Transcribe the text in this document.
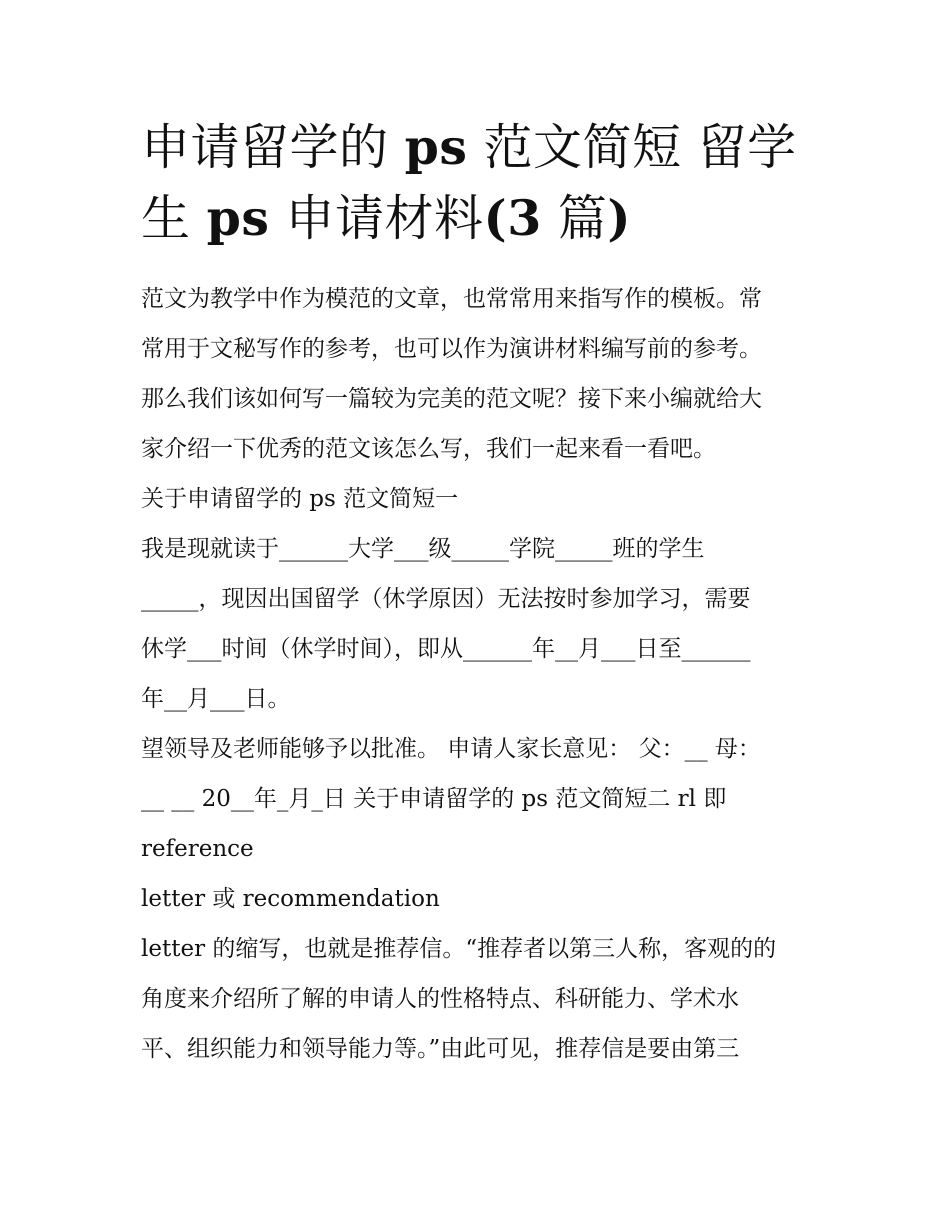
申请留学的 ps 范文简短 留学
生 ps 申请材料(3 篇)
范文为教学中作为模范的文章，也常常用来指写作的模板。常
常用于文秘写作的参考，也可以作为演讲材料编写前的参考。
那么我们该如何写一篇较为完美的范文呢？接下来小编就给大
家介绍一下优秀的范文该怎么写，我们一起来看一看吧。
关于申请留学的 ps 范文简短一
我是现就读于______大学___级_____学院_____班的学生
_____，现因出国留学（休学原因）无法按时参加学习，需要
休学___时间（休学时间），即从______年__月___日至______
年__月___日。
望领导及老师能够予以批准。 申请人家长意见： 父：__ 母：
__ __ 20__年_月_日 关于申请留学的 ps 范文简短二 rl 即
reference
letter 或 recommendation
letter 的缩写，也就是推荐信。“推荐者以第三人称，客观的的
角度来介绍所了解的申请人的性格特点、科研能力、学术水
平、组织能力和领导能力等。”由此可见，推荐信是要由第三
